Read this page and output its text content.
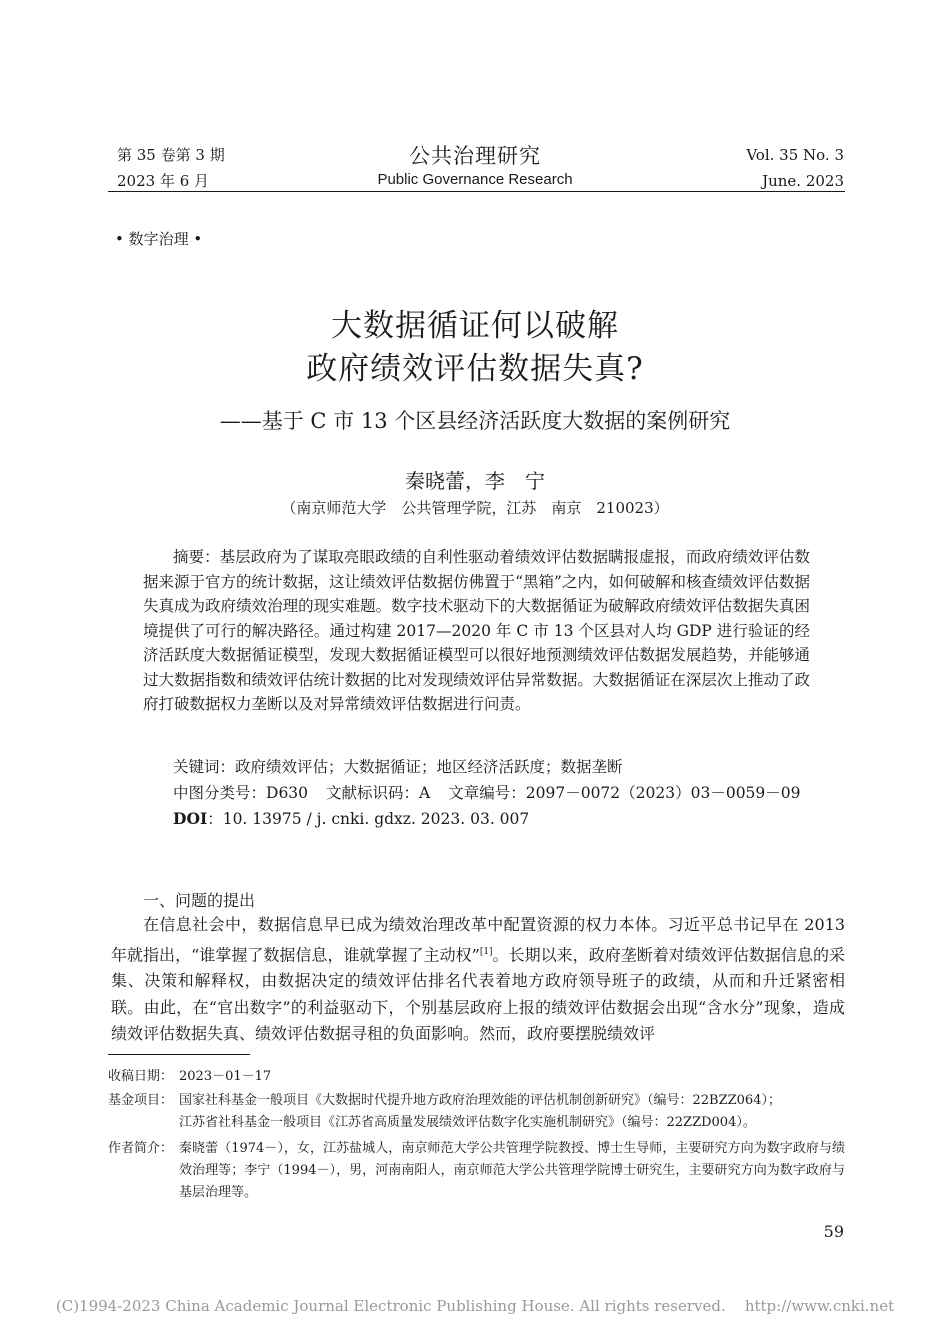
第 35 卷第 3 期
2023 年 6 月
公共治理研究
Public Governance Research
Vol. 35 No. 3
June. 2023
• 数字治理 •
大数据循证何以破解
政府绩效评估数据失真?
——基于 C 市 13 个区县经济活跃度大数据的案例研究
秦晓蕾，李　宁
（南京师范大学　公共管理学院，江苏　南京　210023）
摘要：基层政府为了谋取亮眼政绩的自利性驱动着绩效评估数据瞒报虚报，而政府绩效评估数据来源于官方的统计数据，这让绩效评估数据仿佛置于“黑箱”之内，如何破解和核查绩效评估数据失真成为政府绩效治理的现实难题。数字技术驱动下的大数据循证为破解政府绩效评估数据失真困境提供了可行的解决路径。通过构建 2017—2020 年 C 市 13 个区县对人均 GDP 进行验证的经济活跃度大数据循证模型，发现大数据循证模型可以很好地预测绩效评估数据发展趋势，并能够通过大数据指数和绩效评估统计数据的比对发现绩效评估异常数据。大数据循证在深层次上推动了政府打破数据权力垄断以及对异常绩效评估数据进行问责。
关键词：政府绩效评估；大数据循证；地区经济活跃度；数据垄断
中图分类号：D630 文献标识码：A 文章编号：2097－0072（2023）03－0059－09
DOI：10. 13975 / j. cnki. gdxz. 2023. 03. 007
一、问题的提出
在信息社会中，数据信息早已成为绩效治理改革中配置资源的权力本体。习近平总书记早在 2013 年就指出，“谁掌握了数据信息，谁就掌握了主动权”[1]。长期以来，政府垄断着对绩效评估数据信息的采集、决策和解释权，由数据决定的绩效评估排名代表着地方政府领导班子的政绩，从而和升迁紧密相联。由此，在“官出数字”的利益驱动下，个别基层政府上报的绩效评估数据会出现“含水分”现象，造成绩效评估数据失真、绩效评估数据寻租的负面影响。然而，政府要摆脱绩效评
收稿日期： 2023－01－17
基金项目： 国家社科基金一般项目《大数据时代提升地方政府治理效能的评估机制创新研究》（编号：22BZZ064）；
江苏省社科基金一般项目《江苏省高质量发展绩效评估数字化实施机制研究》（编号：22ZZD004）。
作者简介： 秦晓蕾（1974－），女，江苏盐城人，南京师范大学公共管理学院教授、博士生导师，主要研究方向为数字政府与绩效治理等；李宁（1994－），男，河南南阳人，南京师范大学公共管理学院博士研究生，主要研究方向为数字政府与基层治理等。
59
(C)1994-2023 China Academic Journal Electronic Publishing House. All rights reserved.    http://www.cnki.net
